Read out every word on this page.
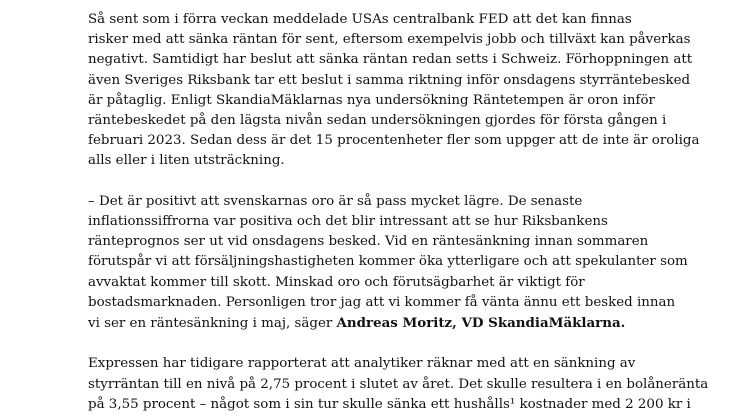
Så sent som i förra veckan meddelade USAs centralbank FED att det kan finnas
risker med att sänka räntan för sent, eftersom exempelvis jobb och tillväxt kan påverkas
negativt. Samtidigt har beslut att sänka räntan redan setts i Schweiz. Förhoppningen att
även Sveriges Riksbank tar ett beslut i samma riktning inför onsdagens styrräntebesked
är påtaglig. Enligt SkandiaMäklarnas nya undersökning Räntetempen är oron inför
räntebeskedet på den lägsta nivån sedan undersökningen gjordes för första gången i
februari 2023. Sedan dess är det 15 procentenheter fler som uppger att de inte är oroliga
alls eller i liten utsträckning.

– Det är positivt att svenskarnas oro är så pass mycket lägre. De senaste
inflationssiffrorna var positiva och det blir intressant att se hur Riksbankens
ränteprognos ser ut vid onsdagens besked. Vid en räntesänkning innan sommaren
förutspår vi att försäljningshastigheten kommer öka ytterligare och att spekulanter som
avvaktat kommer till skott. Minskad oro och förutsägbarhet är viktigt för
bostadsmarknaden. Personligen tror jag att vi kommer få vänta ännu ett besked innan
vi ser en räntesänkning i maj, säger Andreas Moritz, VD SkandiaMäklarna.

Expressen har tidigare rapporterat att analytiker räknar med att en sänkning av
styrräntan till en nivå på 2,75 procent i slutet av året. Det skulle resultera i en bolåneränta
på 3,55 procent – något som i sin tur skulle sänka ett hushålls¹ kostnader med 2 200 kr i
